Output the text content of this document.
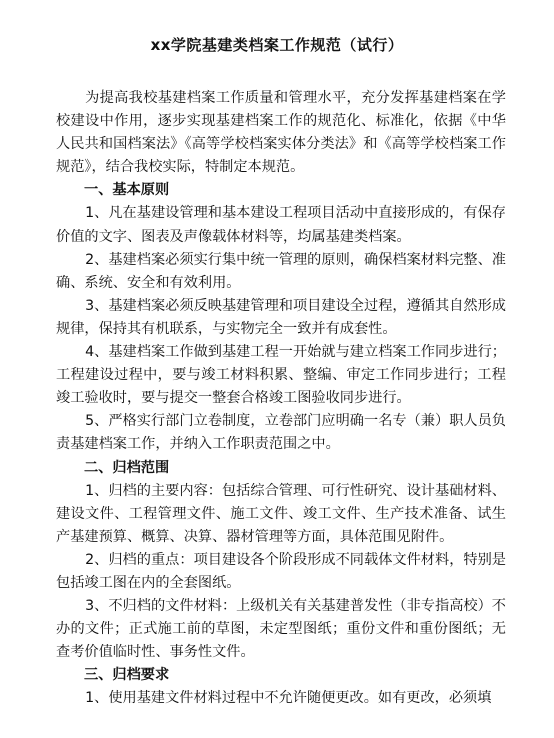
xx学院基建类档案工作规范（试行）

为提高我校基建档案工作质量和管理水平，充分发挥基建档案在学校建设中作用，逐步实现基建档案工作的规范化、标准化，依据《中华人民共和国档案法》《高等学校档案实体分类法》和《高等学校档案工作规范》，结合我校实际，特制定本规范。

一、基本原则

1、凡在基建设管理和基本建设工程项目活动中直接形成的，有保存价值的文字、图表及声像载体材料等，均属基建类档案。

2、基建档案必须实行集中统一管理的原则，确保档案材料完整、准确、系统、安全和有效利用。

3、基建档案必须反映基建管理和项目建设全过程，遵循其自然形成规律，保持其有机联系，与实物完全一致并有成套性。

4、基建档案工作做到基建工程一开始就与建立档案工作同步进行；工程建设过程中，要与竣工材料积累、整编、审定工作同步进行；工程竣工验收时，要与提交一整套合格竣工图验收同步进行。

5、严格实行部门立卷制度，立卷部门应明确一名专（兼）职人员负责基建档案工作，并纳入工作职责范围之中。

二、归档范围

1、归档的主要内容：包括综合管理、可行性研究、设计基础材料、建设文件、工程管理文件、施工文件、竣工文件、生产技术准备、试生产基建预算、概算、决算、器材管理等方面，具体范围见附件。

2、归档的重点：项目建设各个阶段形成不同载体文件材料，特别是包括竣工图在内的全套图纸。

3、不归档的文件材料：上级机关有关基建普发性（非专指高校）不办的文件；正式施工前的草图，未定型图纸；重份文件和重份图纸；无查考价值临时性、事务性文件。

三、归档要求

1、使用基建文件材料过程中不允许随便更改。如有更改，必须填
